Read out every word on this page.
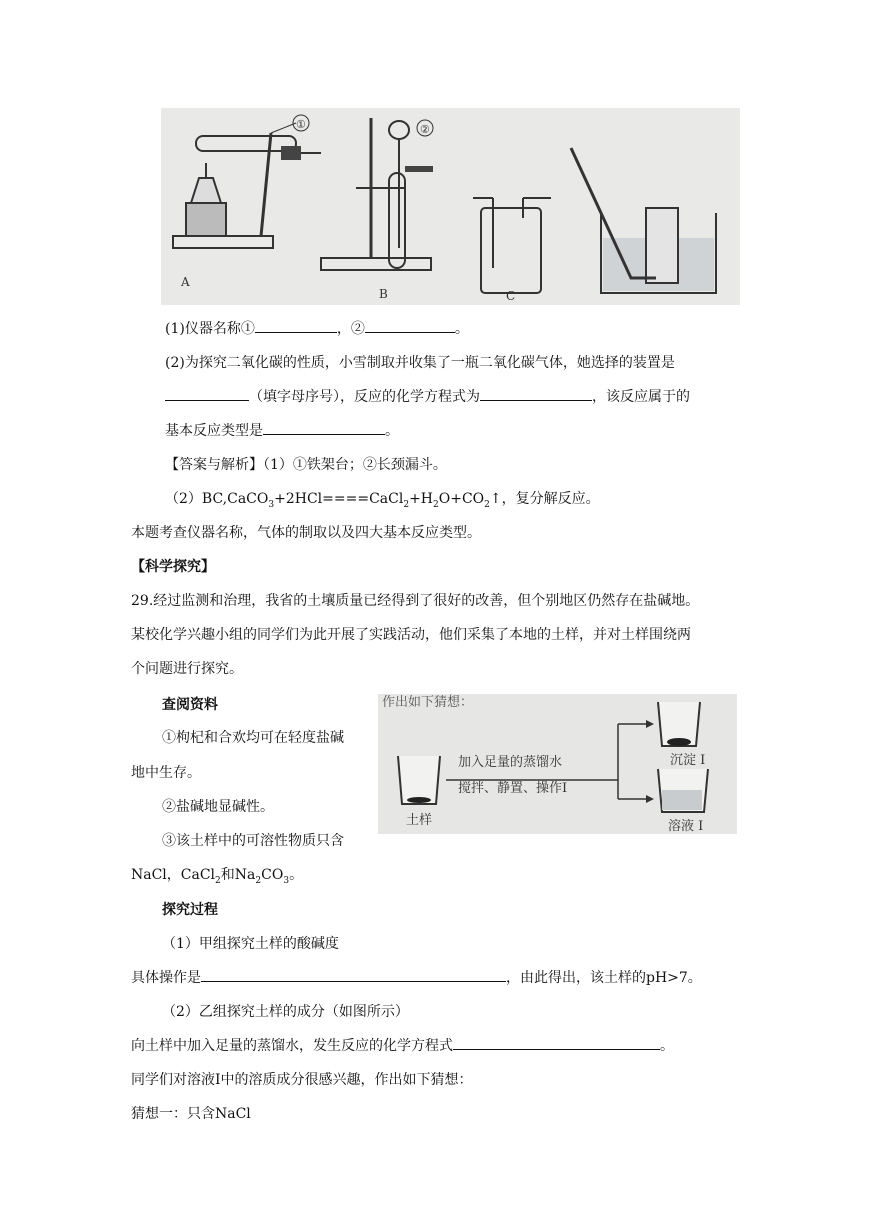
A
①
B
②
C
(1)仪器名称①	，②	。
(2)为探究二氧化碳的性质，小雪制取并收集了一瓶二氧化碳气体，她选择的装置是
（填字母序号），反应的化学方程式为	，该反应属于的
基本反应类型是	。
【答案与解析】（1）①铁架台；②长颈漏斗。
$(2)BC,CaCO_3+2HCl====CaCl_2+H_2O+CO_2↑$，复分解反应。
本题考查仪器名称，气体的制取以及四大基本反应类型。
【科学探究】
29.经过监测和治理，我省的土壤质量已经得到了很好的改善，但个别地区仍然存在盐碱地。
某校化学兴趣小组的同学们为此开展了实践活动，他们采集了本地的土样，并对土样围绕两
个问题进行探究。
查阅资料
①枸杞和合欢均可在轻度盐碱
地中生存。
②盐碱地显碱性。
③该土样中的可溶性物质只含
NaCl，CaCl$_2$和$Na_2CO_3$。
作出如下猜想：
土样
加入足量的蒸馏水
搅拌、静置、操作I
沉淀 I
溶液 I
探究过程
（1）甲组探究土样的酸碱度
具体操作是	，由此得出，该土样的pH>7。
（2）乙组探究土样的成分（如图所示）
向土样中加入足量的蒸馏水，发生反应的化学方程式	。
同学们对溶液I中的溶质成分很感兴趣，作出如下猜想：
猜想一：只含NaCl
